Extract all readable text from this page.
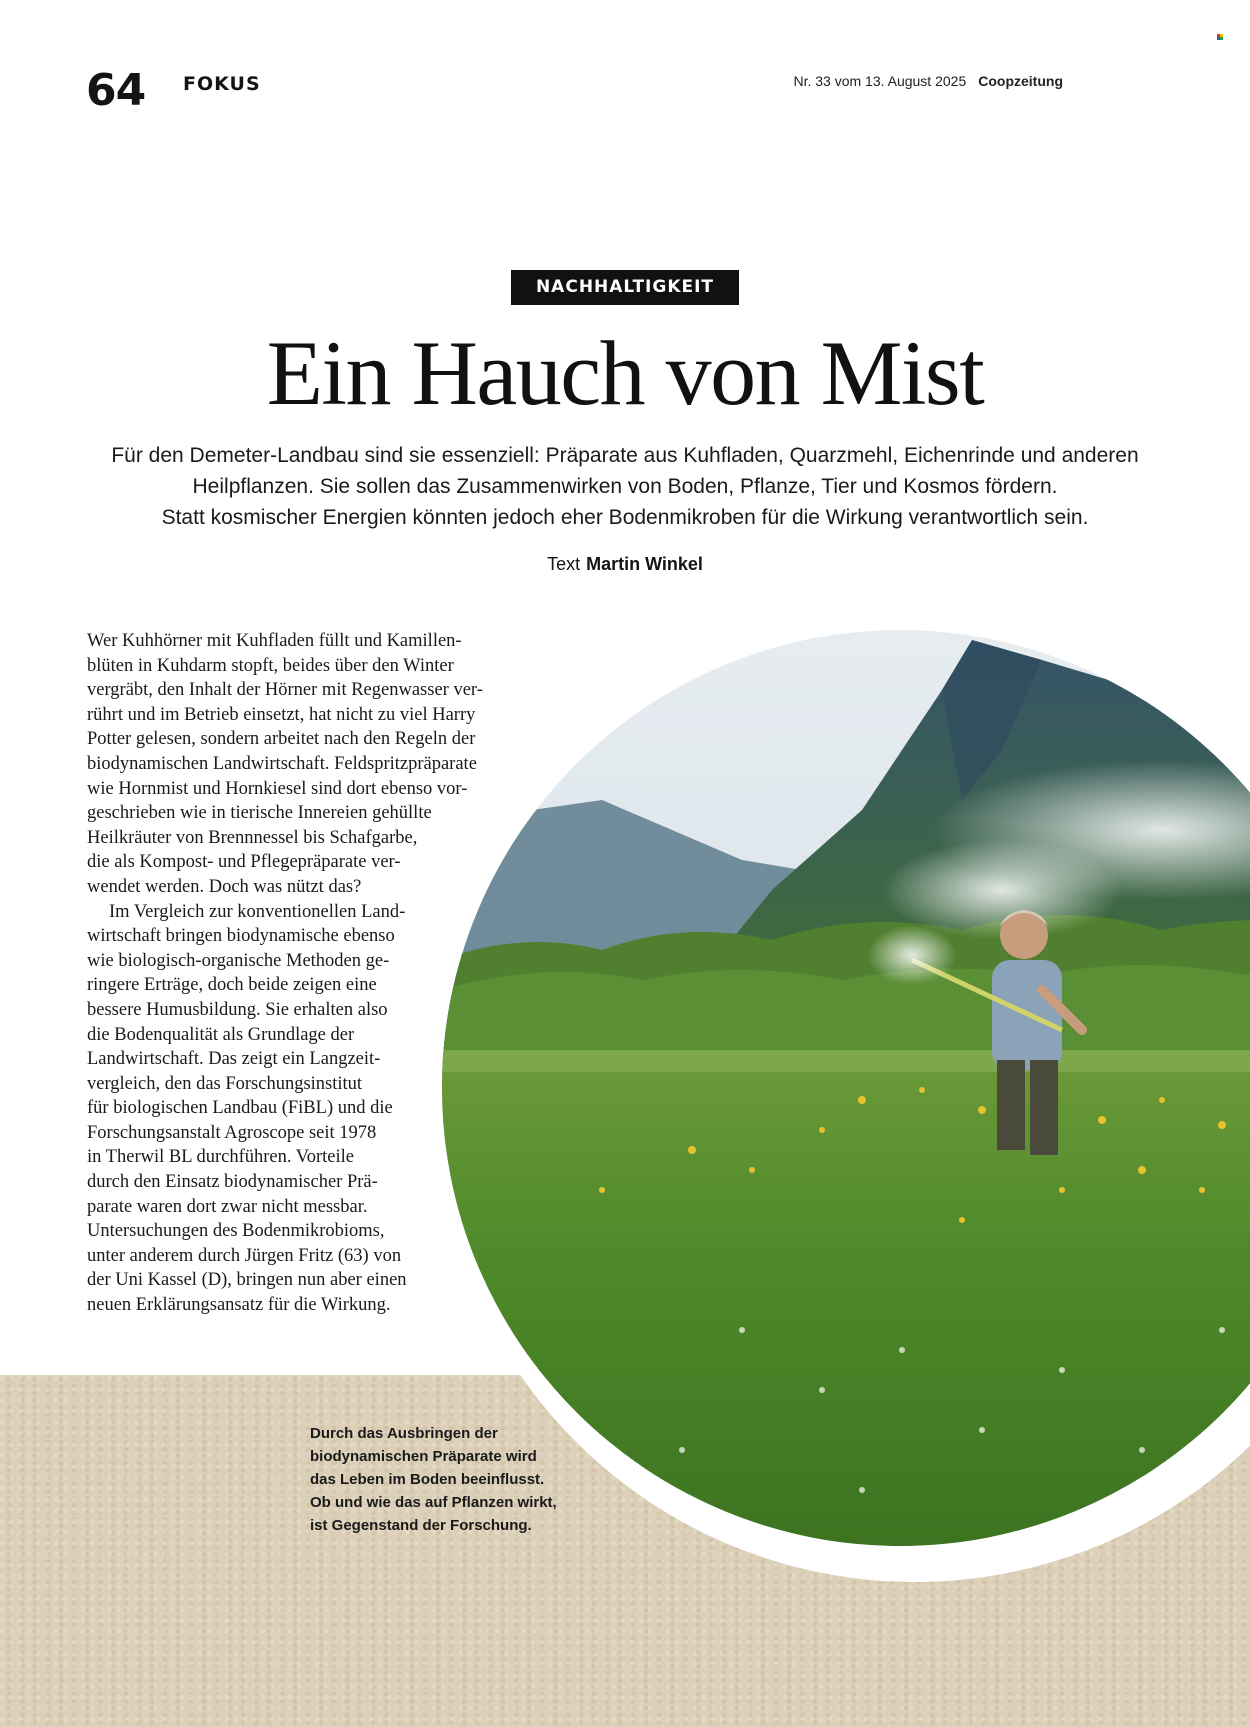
64 FOKUS	Nr. 33 vom 13. August 2025 Coopzeitung
NACHHALTIGKEIT
Ein Hauch von Mist
Für den Demeter-Landbau sind sie essenziell: Präparate aus Kuhfladen, Quarzmehl, Eichenrinde und anderen
Heilpflanzen. Sie sollen das Zusammenwirken von Boden, Pflanze, Tier und Kosmos fördern.
Statt kosmischer Energien könnten jedoch eher Bodenmikroben für die Wirkung verantwortlich sein.
Text Martin Winkel
Wer Kuhhörner mit Kuhfladen füllt und Kamillen-
blüten in Kuhdarm stopft, beides über den Winter
vergräbt, den Inhalt der Hörner mit Regenwasser ver-
rührt und im Betrieb einsetzt, hat nicht zu viel Harry
Potter gelesen, sondern arbeitet nach den Regeln der
biodynamischen Landwirtschaft. Feldspritzpräparate
wie Hornmist und Hornkiesel sind dort ebenso vor-
geschrieben wie in tierische Innereien gehüllte
Heilkräuter von Brennnessel bis Schafgarbe,
die als Kompost- und Pflegepräparate ver-
wendet werden. Doch was nützt das?
Im Vergleich zur konventionellen Land-
wirtschaft bringen biodynamische ebenso
wie biologisch-organische Methoden ge-
ringere Erträge, doch beide zeigen eine
bessere Humusbildung. Sie erhalten also
die Bodenqualität als Grundlage der
Landwirtschaft. Das zeigt ein Langzeit-
vergleich, den das Forschungsinstitut
für biologischen Landbau (FiBL) und die
Forschungsanstalt Agroscope seit 1978
in Therwil BL durchführen. Vorteile
durch den Einsatz biodynamischer Prä-
parate waren dort zwar nicht messbar.
Untersuchungen des Bodenmikrobioms,
unter anderem durch Jürgen Fritz (63) von
der Uni Kassel (D), bringen nun aber einen
neuen Erklärungsansatz für die Wirkung.
Durch das Ausbringen der
biodynamischen Präparate wird
das Leben im Boden beeinflusst.
Ob und wie das auf Pflanzen wirkt,
ist Gegenstand der Forschung.
